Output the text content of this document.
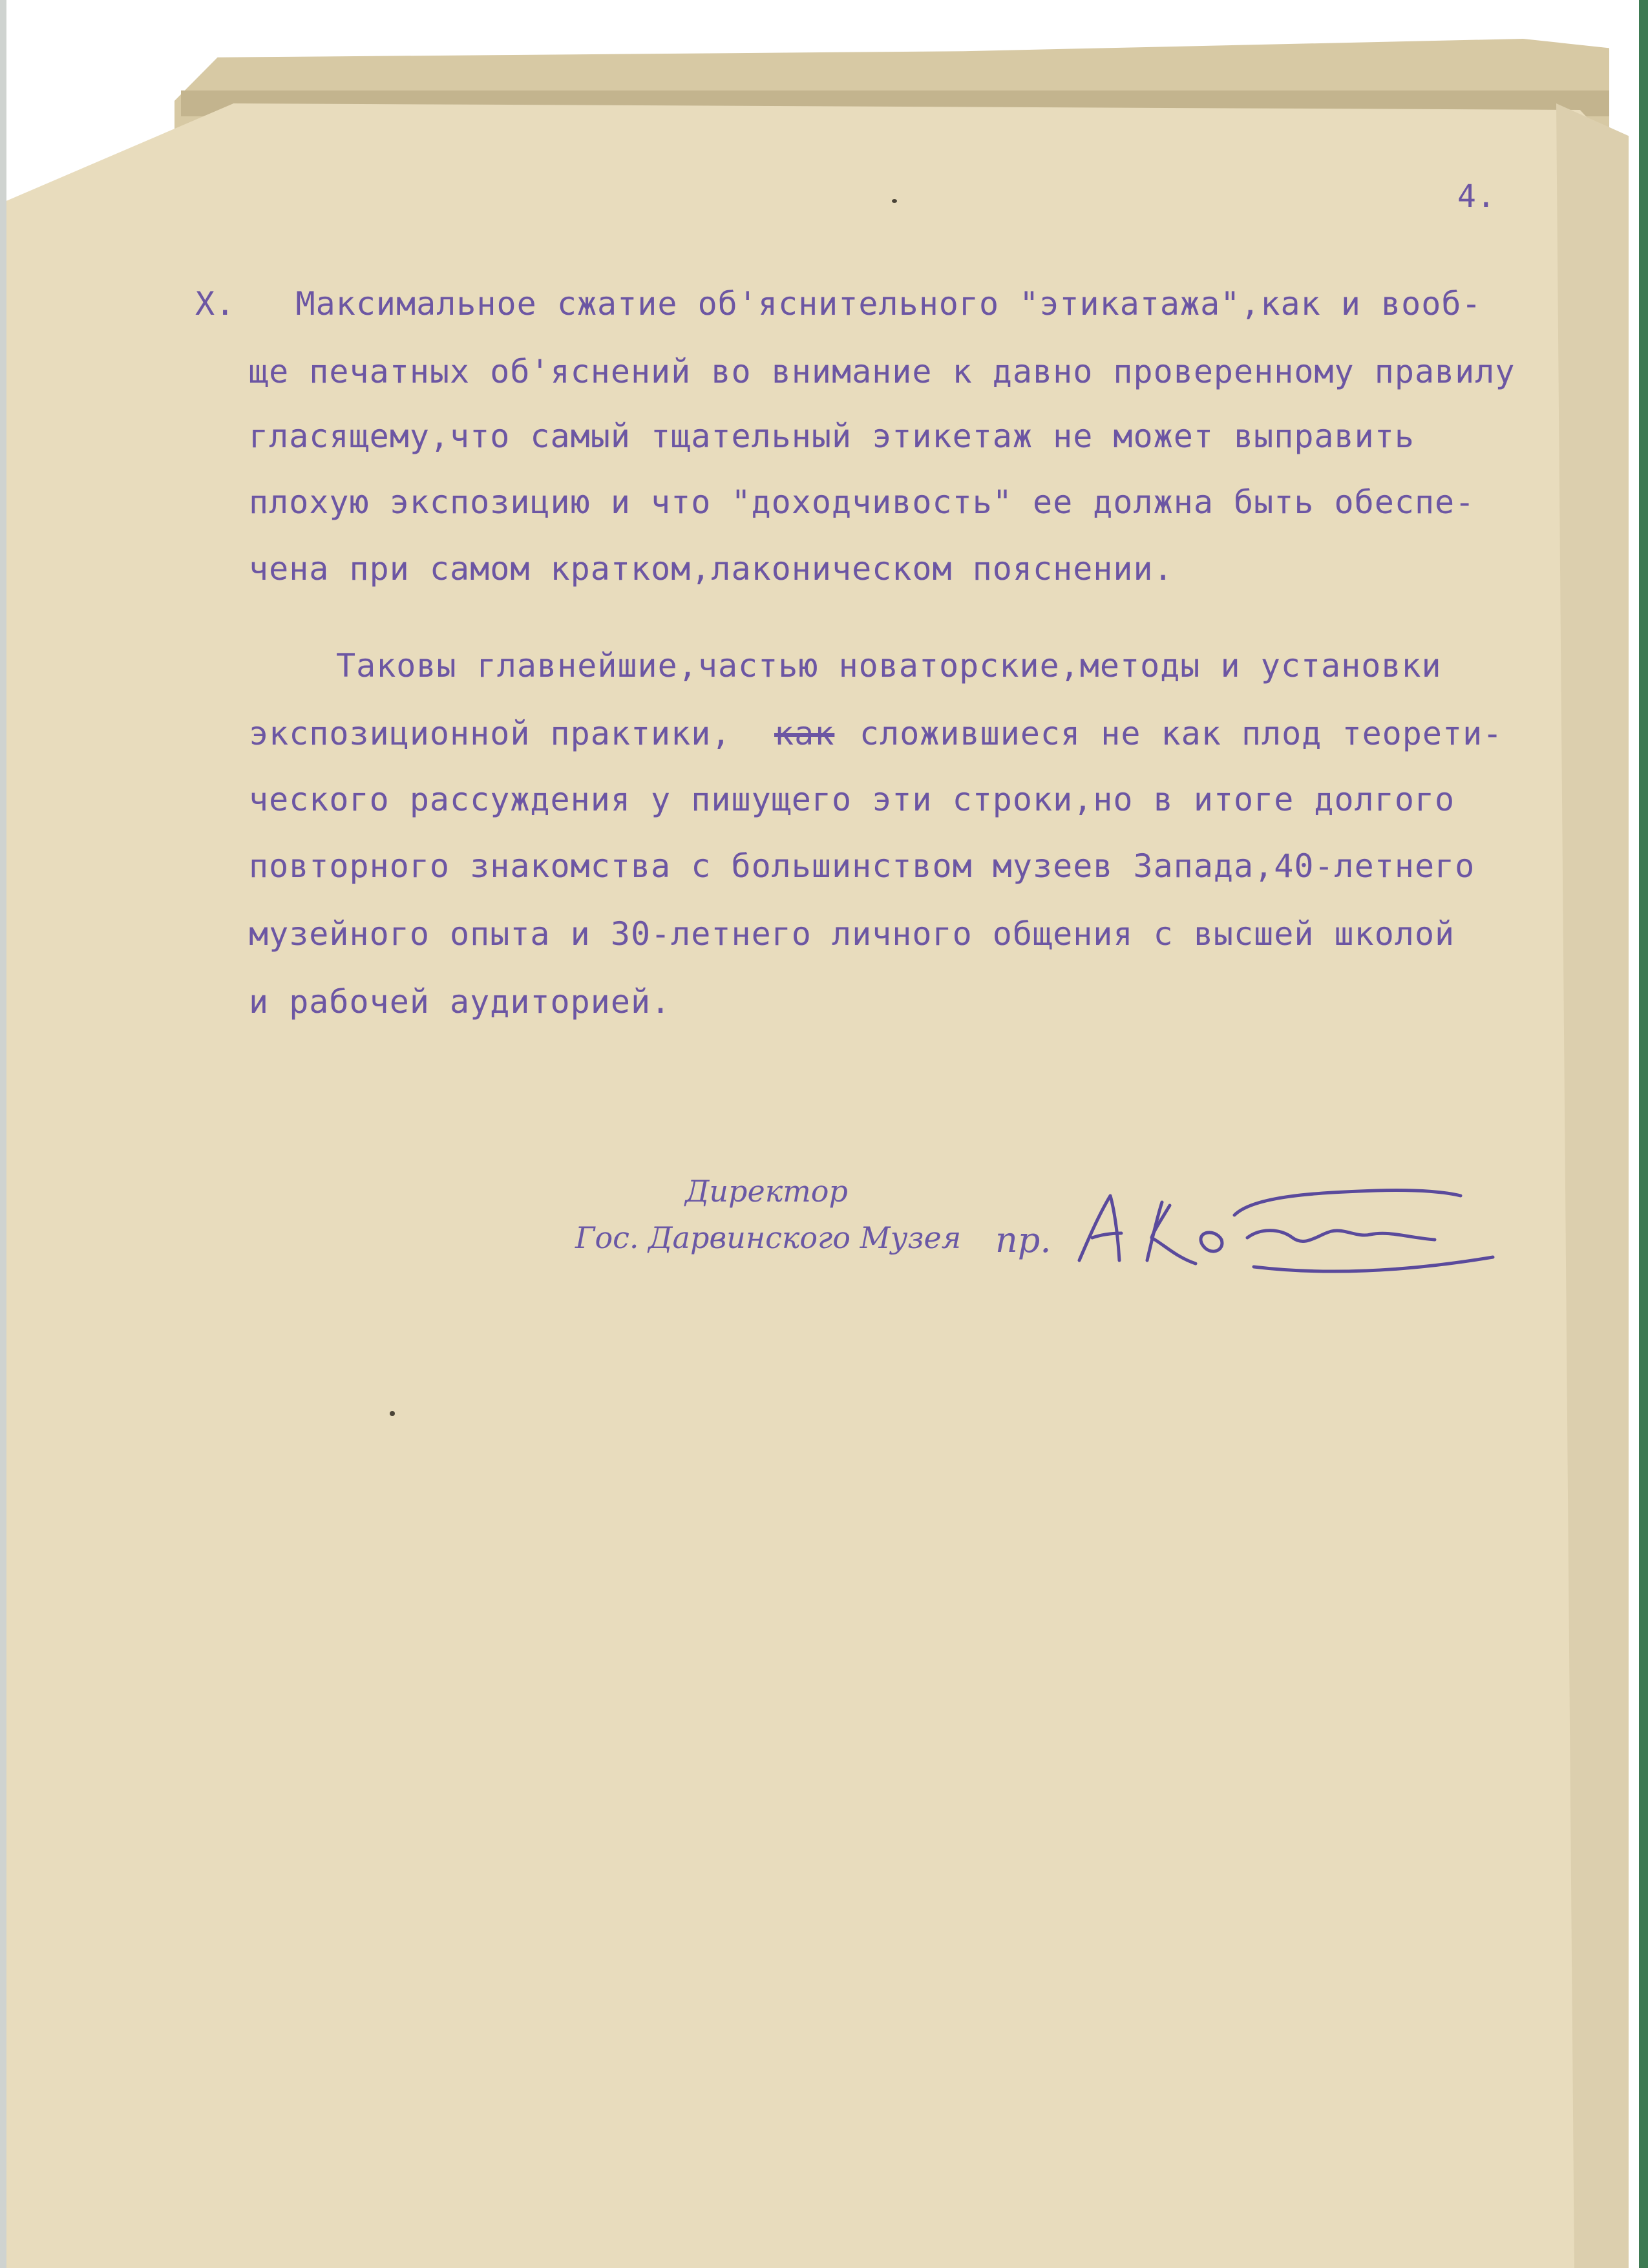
4.
X.   Максимальное сжатие об'яснительного "этикатажа",как и вооб-
ще печатных об'яснений во внимание к давно проверенному правилу
гласящему,что самый тщательный этикетаж не может выправить
плохую экспозицию и что "доходчивость" ее должна быть обеспе-
чена при самом кратком,лаконическом пояснении.
Таковы главнейшие,частью новаторские,методы и установки
экспозиционной практики, как сложившиеся не как плод теорети-
ческого рассуждения у пишущего эти строки,но в итоге долгого
повторного знакомства с большинством музеев Запада,40-летнего
музейного опыта и 30-летнего личного общения с высшей школой
и рабочей аудиторией.
Директор
Гос. Дарвинского Музея пр.
